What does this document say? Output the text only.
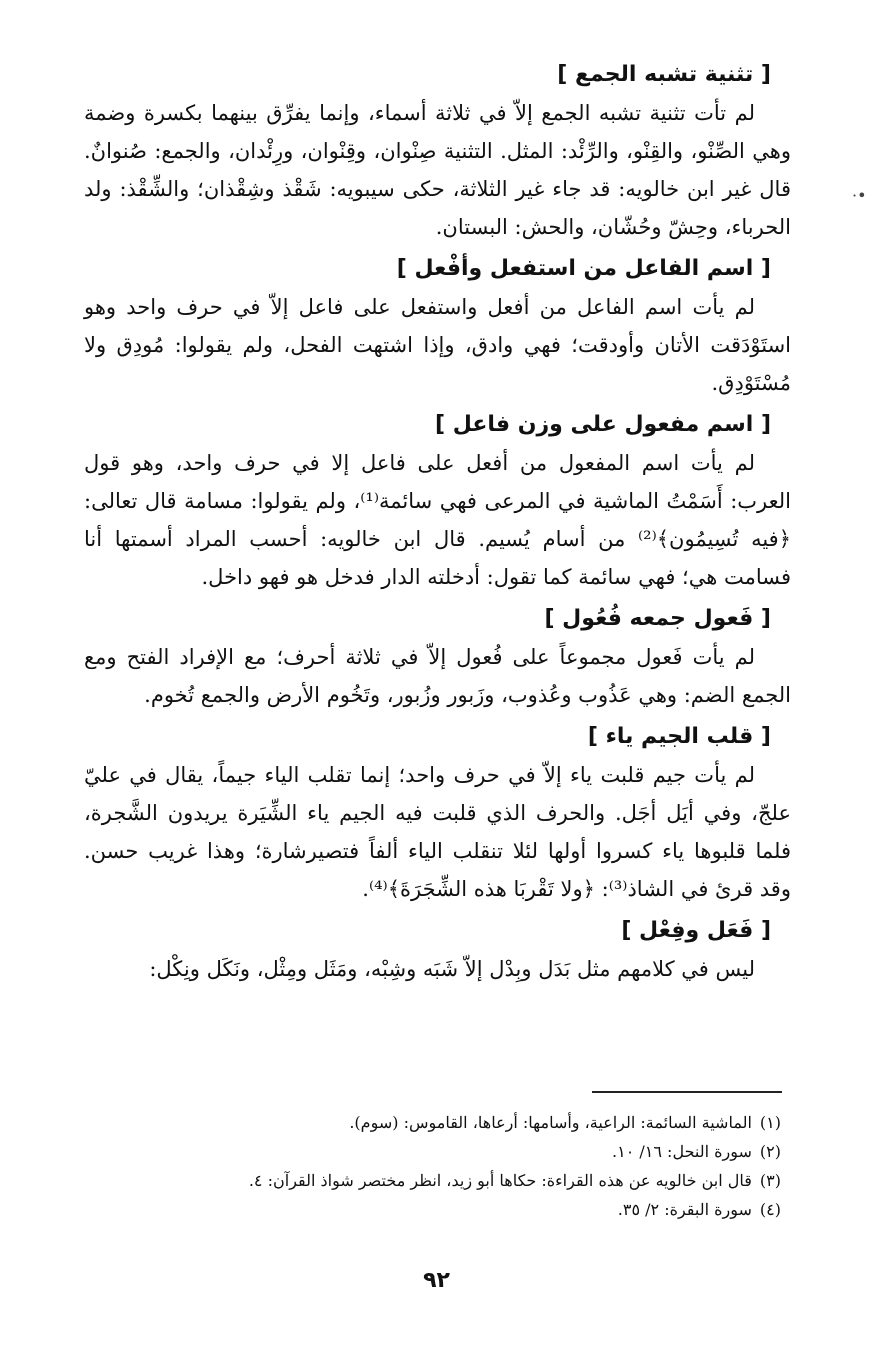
[ تثنية تشبه الجمع ]

لم تأت تثنية تشبه الجمع إلاّ في ثلاثة أسماء، وإنما يفرِّق بينهما بكسرة وضمة وهي الصِّنْو، والقِنْو، والرِّئْد: المثل. التثنية صِنْوان، وقِنْوان، ورِئْدان، والجمع: صُنوانٌ. قال غير ابن خالويه: قد جاء غير الثلاثة، حكى سيبويه: شَقْذ وشِقْذان؛ والشِّقْذ: ولد الحرباء، وحِشّ وحُشّان، والحش: البستان.

[ اسم الفاعل من استفعل وأفْعل ]

لم يأت اسم الفاعل من أفعل واستفعل على فاعل إلاّ في حرف واحد وهو استَوْدَقت الأتان وأودقت؛ فهي وادق، وإذا اشتهت الفحل، ولم يقولوا: مُودِق ولا مُسْتَوْدِق.

[ اسم مفعول على وزن فاعل ]

لم يأت اسم المفعول من أفعل على فاعل إلا في حرف واحد، وهو قول العرب: أَسَمْتُ الماشية في المرعى فهي سائمة⁽¹⁾، ولم يقولوا: مسامة قال تعالى: ﴿فيه تُسِيمُون﴾⁽²⁾ من أسام يُسيم. قال ابن خالويه: أحسب المراد أسمتها أنا فسامت هي؛ فهي سائمة كما تقول: أدخلته الدار فدخل هو فهو داخل.

[ فَعول جمعه فُعُول ]

لم يأت فَعول مجموعاً على فُعول إلاّ في ثلاثة أحرف؛ مع الإفراد الفتح ومع الجمع الضم: وهي عَذُوب وعُذوب، وزَبور وزُبور، وتَخُوم الأرض والجمع تُخوم.

[ قلب الجيم ياء ]

لم يأت جيم قلبت ياء إلاّ في حرف واحد؛ إنما تقلب الياء جيماً، يقال في عليّ علجّ، وفي أيَل أجَل. والحرف الذي قلبت فيه الجيم ياء الشِّيَرة يريدون الشَّجرة، فلما قلبوها ياء كسروا أولها لئلا تنقلب الياء ألفاً فتصيرشارة؛ وهذا غريب حسن. وقد قرئ في الشاذ⁽³⁾: ﴿ولا تَقْربَا هذه الشِّجَرَةَ﴾⁽⁴⁾.

[ فَعَل وفِعْل ]

ليس في كلامهم مثل بَدَل وبِدْل إلاّ شَبَه وشِبْه، ومَثَل ومِثْل، ونَكَل ونِكْل:

•·
(١)الماشية السائمة: الراعية، وأسامها: أرعاها، القاموس: (سوم).
(٢)سورة النحل: ١٦/ ١٠.
(٣)قال ابن خالويه عن هذه القراءة: حكاها أبو زيد، انظر مختصر شواذ القرآن: ٤.
(٤)سورة البقرة: ٢/ ٣٥.
٩٢
